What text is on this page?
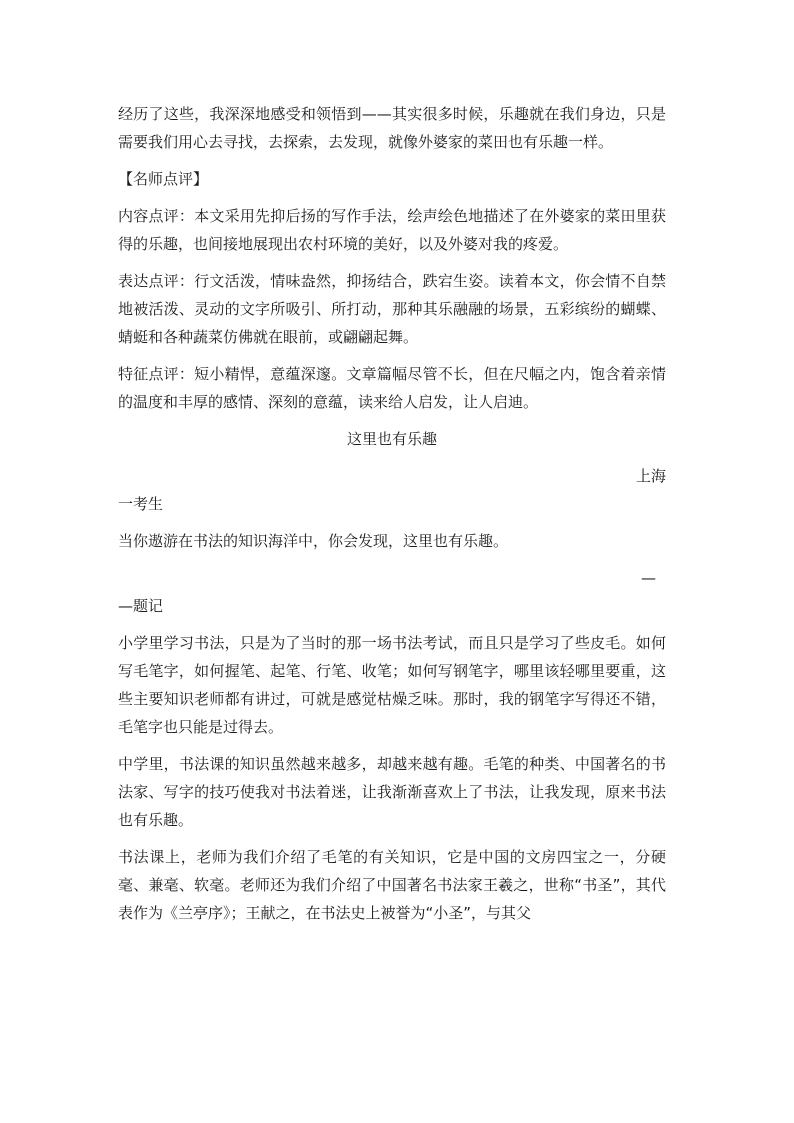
经历了这些，我深深地感受和领悟到——其实很多时候，乐趣就在我们身边，只是需要我们用心去寻找，去探索，去发现，就像外婆家的菜田也有乐趣一样。

【名师点评】

内容点评：本文采用先抑后扬的写作手法，绘声绘色地描述了在外婆家的菜田里获得的乐趣，也间接地展现出农村环境的美好，以及外婆对我的疼爱。

表达点评：行文活泼，情味盎然，抑扬结合，跌宕生姿。读着本文，你会情不自禁地被活泼、灵动的文字所吸引、所打动，那种其乐融融的场景，五彩缤纷的蝴蝶、蜻蜓和各种蔬菜仿佛就在眼前，或翩翩起舞。

特征点评：短小精悍，意蕴深邃。文章篇幅尽管不长，但在尺幅之内，饱含着亲情的温度和丰厚的感情、深刻的意蕴，读来给人启发，让人启迪。

这里也有乐趣

上海

一考生

当你遨游在书法的知识海洋中，你会发现，这里也有乐趣。

—

—题记

小学里学习书法，只是为了当时的那一场书法考试，而且只是学习了些皮毛。如何写毛笔字，如何握笔、起笔、行笔、收笔；如何写钢笔字，哪里该轻哪里要重，这些主要知识老师都有讲过，可就是感觉枯燥乏味。那时，我的钢笔字写得还不错，毛笔字也只能是过得去。

中学里，书法课的知识虽然越来越多，却越来越有趣。毛笔的种类、中国著名的书法家、写字的技巧使我对书法着迷，让我渐渐喜欢上了书法，让我发现，原来书法也有乐趣。

书法课上，老师为我们介绍了毛笔的有关知识，它是中国的文房四宝之一，分硬毫、兼毫、软毫。老师还为我们介绍了中国著名书法家王羲之，世称“书圣”，其代表作为《兰亭序》；王献之，在书法史上被誉为“小圣”，与其父
